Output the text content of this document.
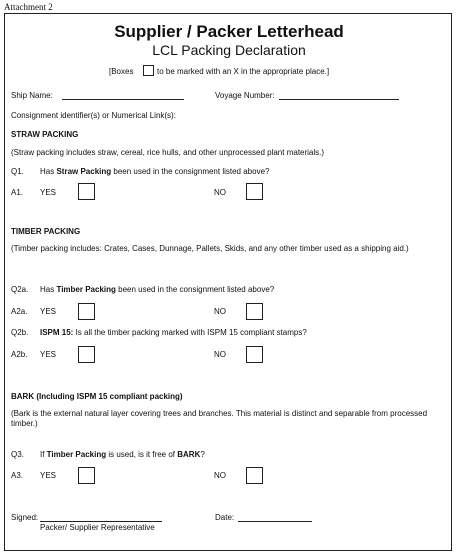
Attachment 2
Supplier / Packer Letterhead
LCL Packing Declaration
[Boxes	to be marked with an X in the appropriate place.]
Ship Name:	Voyage Number:
Consignment identifier(s) or Numerical Link(s):
STRAW PACKING
(Straw packing includes straw, cereal, rice hulls, and other unprocessed plant materials.)
Q1. Has Straw Packing been used in the consignment listed above?
A1. YES	NO
TIMBER PACKING
(Timber packing includes: Crates, Cases, Dunnage, Pallets, Skids, and any other timber used as a shipping aid.)
Q2a. Has Timber Packing been used in the consignment listed above?
A2a. YES	NO
Q2b. ISPM 15: Is all the timber packing marked with ISPM 15 compliant stamps?
A2b. YES	NO
BARK (Including ISPM 15 compliant packing)
(Bark is the external natural layer covering trees and branches. This material is distinct and separable from processed timber.)
Q3. If Timber Packing is used, is it free of BARK?
A3. YES	NO
Signed:
Packer/ Supplier Representative
Date:
